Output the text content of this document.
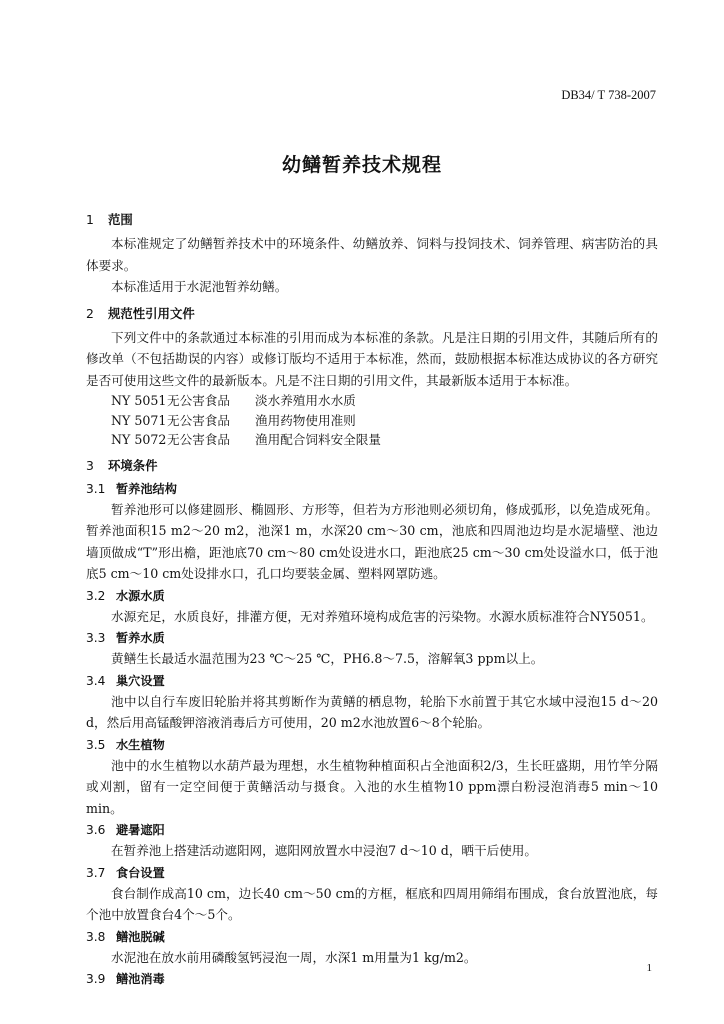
DB34/ T 738-2007
幼鳝暂养技术规程
1 范围
本标准规定了幼鳝暂养技术中的环境条件、幼鳝放养、饲料与投饲技术、饲养管理、病害防治的具体要求。
本标准适用于水泥池暂养幼鳝。
2 规范性引用文件
下列文件中的条款通过本标准的引用而成为本标准的条款。凡是注日期的引用文件，其随后所有的修改单（不包括勘误的内容）或修订版均不适用于本标准，然而，鼓励根据本标准达成协议的各方研究是否可使用这些文件的最新版本。凡是不注日期的引用文件，其最新版本适用于本标准。
NY 5051 无公害食品	淡水养殖用水水质
NY 5071 无公害食品	渔用药物使用准则
NY 5072 无公害食品	渔用配合饲料安全限量
3 环境条件
3.1 暂养池结构
暂养池形可以修建圆形、椭圆形、方形等，但若为方形池则必须切角，修成弧形，以免造成死角。暂养池面积15 m2～20 m2，池深1 m，水深20 cm～30 cm，池底和四周池边均是水泥墙壁、池边墙顶做成“T”形出檐，距池底70 cm～80 cm处设进水口，距池底25 cm～30 cm处设溢水口，低于池底5 cm～10 cm处设排水口，孔口均要装金属、塑料网罩防逃。
3.2 水源水质
水源充足，水质良好，排灌方便，无对养殖环境构成危害的污染物。水源水质标准符合NY5051。
3.3 暂养水质
黄鳝生长最适水温范围为23 ℃～25 ℃，PH6.8～7.5，溶解氧3 ppm以上。
3.4 巢穴设置
池中以自行车废旧轮胎并将其剪断作为黄鳝的栖息物，轮胎下水前置于其它水域中浸泡15 d～20 d，然后用高锰酸钾溶液消毒后方可使用，20 m2水池放置6～8个轮胎。
3.5 水生植物
池中的水生植物以水葫芦最为理想，水生植物种植面积占全池面积2/3，生长旺盛期，用竹竿分隔或刈割，留有一定空间便于黄鳝活动与摄食。入池的水生植物10 ppm漂白粉浸泡消毒5 min～10 min。
3.6 避暑遮阳
在暂养池上搭建活动遮阳网，遮阳网放置水中浸泡7 d～10 d，晒干后使用。
3.7 食台设置
食台制作成高10 cm，边长40 cm～50 cm的方框，框底和四周用筛绢布围成，食台放置池底，每个池中放置食台4个～5个。
3.8 鳝池脱碱
水泥池在放水前用磷酸氢钙浸泡一周，水深1 m用量为1 kg/m2。
3.9 鳝池消毒
1
